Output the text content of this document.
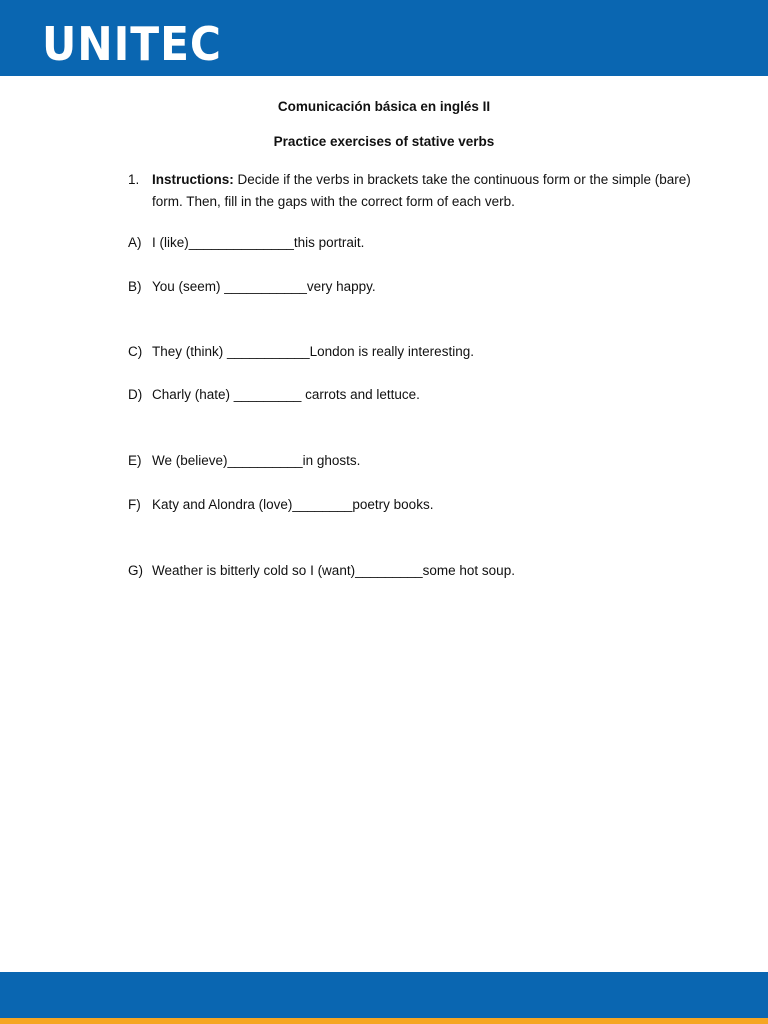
UNITEC
Comunicación básica en inglés II
Practice exercises of stative verbs
1. Instructions: Decide if the verbs in brackets take the continuous form or the simple (bare) form. Then, fill in the gaps with the correct form of each verb.
A) I (like)______________this portrait.
B) You (seem) ___________very happy.
C) They (think) ___________London is really interesting.
D) Charly (hate) _________ carrots and lettuce.
E) We (believe)__________in ghosts.
F) Katy and Alondra (love)________poetry books.
G) Weather is bitterly cold so I (want)_________some hot soup.
